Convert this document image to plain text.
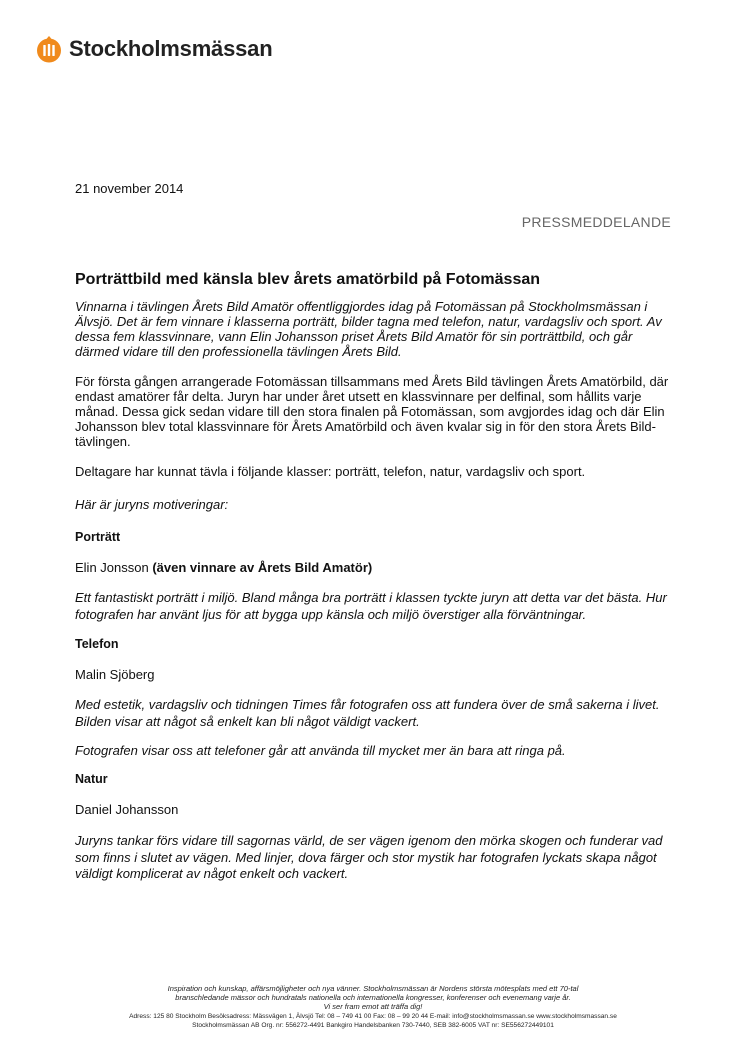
Stockholmsmässan
21 november 2014
PRESSMEDDELANDE
Porträttbild med känsla blev årets amatörbild på Fotomässan

Vinnarna i tävlingen Årets Bild Amatör offentliggjordes idag på Fotomässan på Stockholmsmässan i Älvsjö. Det är fem vinnare i klasserna porträtt, bilder tagna med telefon, natur, vardagsliv och sport. Av dessa fem klassvinnare, vann Elin Johansson priset Årets Bild Amatör för sin porträttbild, och går därmed vidare till den professionella tävlingen Årets Bild.

För första gången arrangerade Fotomässan tillsammans med Årets Bild tävlingen Årets Amatörbild, där endast amatörer får delta. Juryn har under året utsett en klassvinnare per delfinal, som hållits varje månad. Dessa gick sedan vidare till den stora finalen på Fotomässan, som avgjordes idag och där Elin Johansson blev total klassvinnare för Årets Amatörbild och även kvalar sig in för den stora Årets Bild-tävlingen.

Deltagare har kunnat tävla i följande klasser: porträtt, telefon, natur, vardagsliv och sport.

Här är juryns motiveringar:

Porträtt

Elin Jonsson (även vinnare av Årets Bild Amatör)

Ett fantastiskt porträtt i miljö. Bland många bra porträtt i klassen tyckte juryn att detta var det bästa. Hur fotografen har använt ljus för att bygga upp känsla och miljö överstiger alla förväntningar.

Telefon

Malin Sjöberg

Med estetik, vardagsliv och tidningen Times får fotografen oss att fundera över de små sakerna i livet. Bilden visar att något så enkelt kan bli något väldigt vackert.

Fotografen visar oss att telefoner går att använda till mycket mer än bara att ringa på.

Natur

Daniel Johansson

Juryns tankar förs vidare till sagornas värld, de ser vägen igenom den mörka skogen och funderar vad som finns i slutet av vägen. Med linjer, dova färger och stor mystik har fotografen lyckats skapa något väldigt komplicerat av något enkelt och vackert.

Inspiration och kunskap, affärsmöjligheter och nya vänner. Stockholmsmässan är Nordens största mötesplats med ett 70-tal
branschledande mässor och hundratals nationella och internationella kongresser, konferenser och evenemang varje år.
Vi ser fram emot att träffa dig!
Adress: 125 80 Stockholm Besöksadress: Mässvägen 1, Älvsjö Tel: 08 – 749 41 00 Fax: 08 – 99 20 44 E-mail: info@stockholmsmassan.se www.stockholmsmassan.se
Stockholmsmässan AB Org. nr: 556272-4491 Bankgiro Handelsbanken 730-7440, SEB 382-6005 VAT nr: SE556272449101
